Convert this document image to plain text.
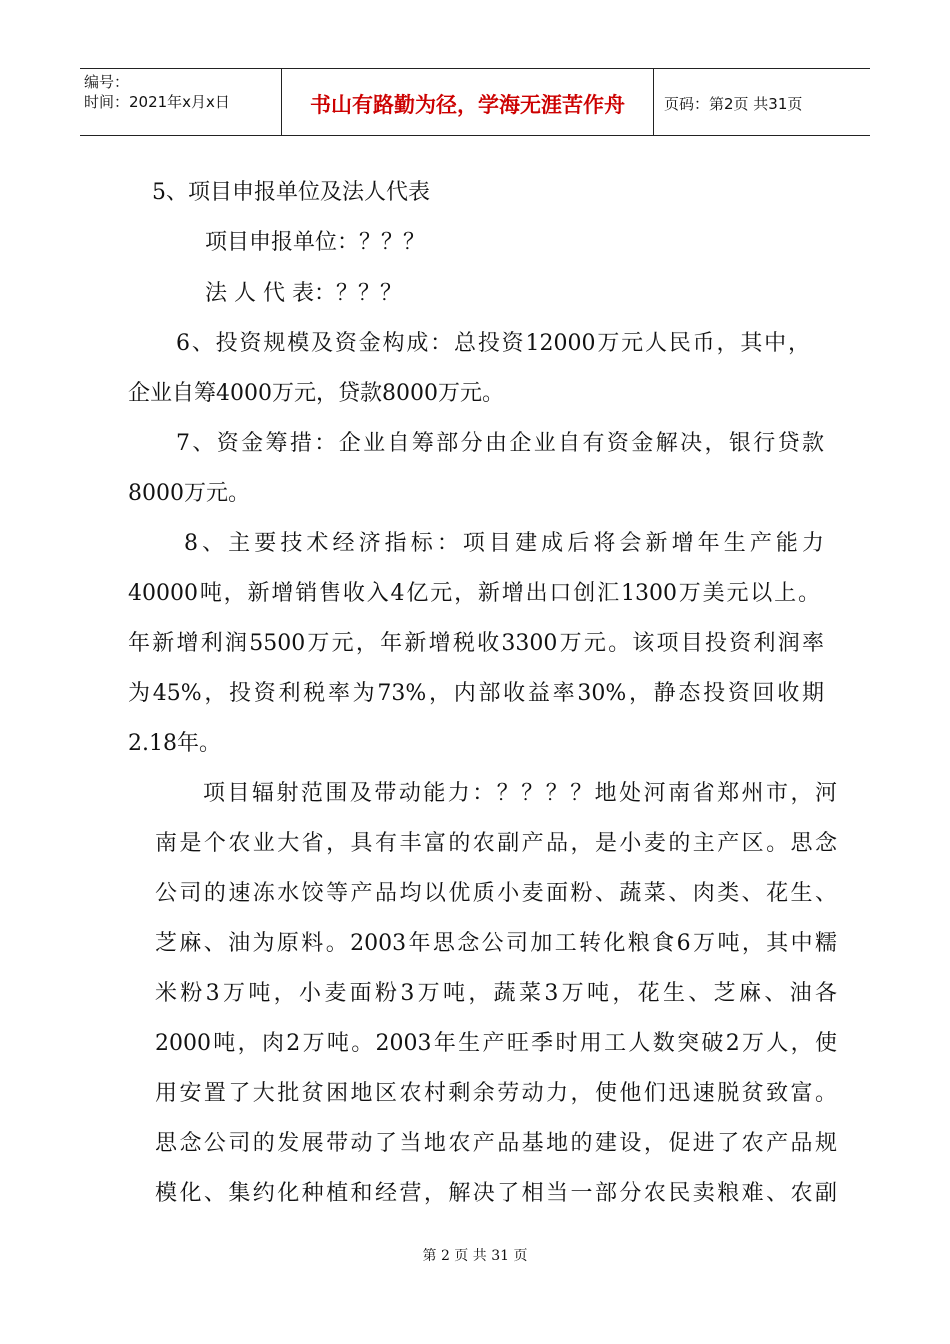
编号：
时间：2021年x月x日	书山有路勤为径，学海无涯苦作舟	页码：第2页 共31页
5、项目申报单位及法人代表
项目申报单位：？？？
法 人 代 表：？？？
6、投资规模及资金构成：总投资12000万元人民币，其中，
企业自筹4000万元，贷款8000万元。
7、资金筹措：企业自筹部分由企业自有资金解决，银行贷款
8000万元。
8、主要技术经济指标：项目建成后将会新增年生产能力
40000吨，新增销售收入4亿元，新增出口创汇1300万美元以上。
年新增利润5500万元，年新增税收3300万元。该项目投资利润率
为45%，投资利税率为73%，内部收益率30%，静态投资回收期
2.18年。
项目辐射范围及带动能力：？？？？地处河南省郑州市，河
南是个农业大省，具有丰富的农副产品，是小麦的主产区。思念
公司的速冻水饺等产品均以优质小麦面粉、蔬菜、肉类、花生、
芝麻、油为原料。2003年思念公司加工转化粮食6万吨，其中糯
米粉3万吨，小麦面粉3万吨，蔬菜3万吨，花生、芝麻、油各
2000吨，肉2万吨。2003年生产旺季时用工人数突破2万人，使
用安置了大批贫困地区农村剩余劳动力，使他们迅速脱贫致富。
思念公司的发展带动了当地农产品基地的建设，促进了农产品规
模化、集约化种植和经营，解决了相当一部分农民卖粮难、农副
第 2 页 共 31 页
